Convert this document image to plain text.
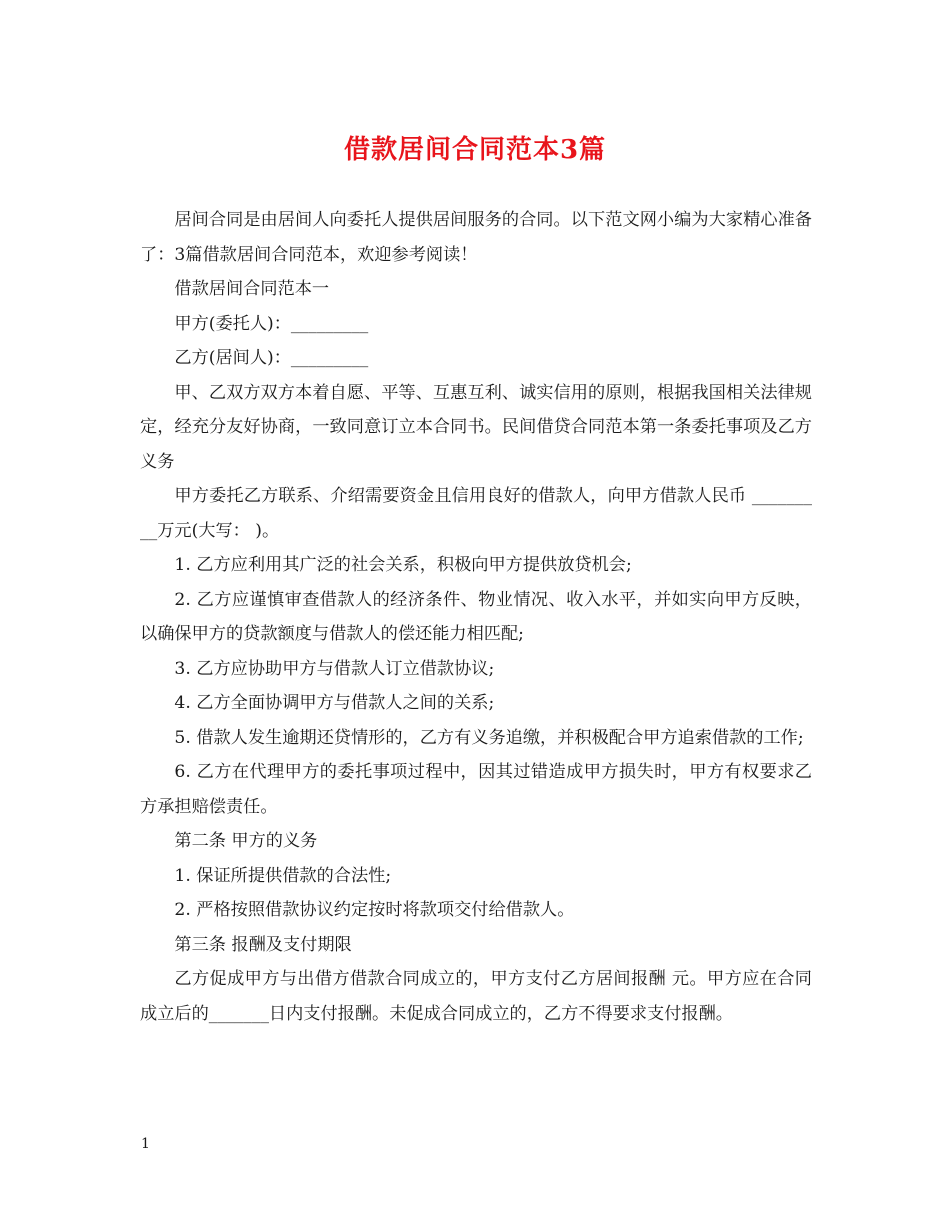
借款居间合同范本3篇

居间合同是由居间人向委托人提供居间服务的合同。以下范文网小编为大家精心准备了：3篇借款居间合同范本，欢迎参考阅读！

借款居间合同范本一

甲方(委托人)：_________

乙方(居间人)：_________

甲、乙双方双方本着自愿、平等、互惠互利、诚实信用的原则，根据我国相关法律规定，经充分友好协商，一致同意订立本合同书。民间借贷合同范本第一条委托事项及乙方义务

甲方委托乙方联系、介绍需要资金且信用良好的借款人，向甲方借款人民币 _________万元(大写： )。

1. 乙方应利用其广泛的社会关系，积极向甲方提供放贷机会;

2. 乙方应谨慎审查借款人的经济条件、物业情况、收入水平，并如实向甲方反映，以确保甲方的贷款额度与借款人的偿还能力相匹配;

3. 乙方应协助甲方与借款人订立借款协议;

4. 乙方全面协调甲方与借款人之间的关系;

5. 借款人发生逾期还贷情形的，乙方有义务追缴，并积极配合甲方追索借款的工作;

6. 乙方在代理甲方的委托事项过程中，因其过错造成甲方损失时，甲方有权要求乙方承担赔偿责任。

第二条 甲方的义务

1. 保证所提供借款的合法性;

2. 严格按照借款协议约定按时将款项交付给借款人。

第三条 报酬及支付期限

乙方促成甲方与出借方借款合同成立的，甲方支付乙方居间报酬 元。甲方应在合同成立后的_______日内支付报酬。未促成合同成立的，乙方不得要求支付报酬。

1
